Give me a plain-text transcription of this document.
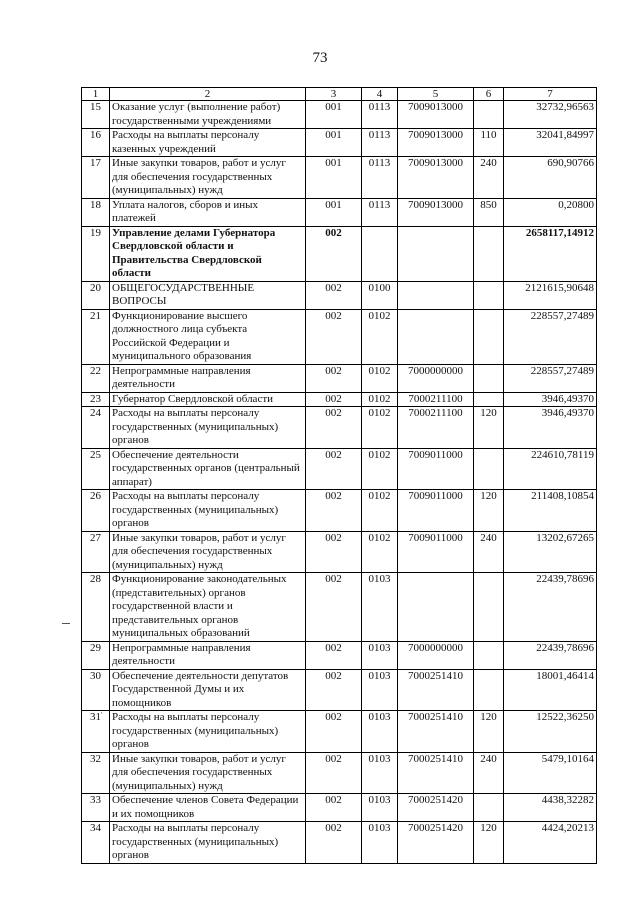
73
1	2	3	4	5	6	7
15	Оказание услуг (выполнение работ) государственными учреждениями	001	0113	7009013000		32732,96563
16	Расходы на выплаты персоналу казенных учреждений	001	0113	7009013000	110	32041,84997
17	Иные закупки товаров, работ и услуг для обеспечения государственных (муниципальных) нужд	001	0113	7009013000	240	690,90766
18	Уплата налогов, сборов и иных платежей	001	0113	7009013000	850	0,20800
19	Управление делами Губернатора Свердловской области и Правительства Свердловской области	002				2658117,14912
20	ОБЩЕГОСУДАРСТВЕННЫЕ ВОПРОСЫ	002	0100			2121615,90648
21	Функционирование высшего должностного лица субъекта Российской Федерации и муниципального образования	002	0102			228557,27489
22	Непрограммные направления деятельности	002	0102	7000000000		228557,27489
23	Губернатор Свердловской области	002	0102	7000211100		3946,49370
24	Расходы на выплаты персоналу государственных (муниципальных) органов	002	0102	7000211100	120	3946,49370
25	Обеспечение деятельности государственных органов (центральный аппарат)	002	0102	7009011000		224610,78119
26	Расходы на выплаты персоналу государственных (муниципальных) органов	002	0102	7009011000	120	211408,10854
27	Иные закупки товаров, работ и услуг для обеспечения государственных (муниципальных) нужд	002	0102	7009011000	240	13202,67265
28	Функционирование законодательных (представительных) органов государственной власти и представительных органов муниципальных образований	002	0103			22439,78696
29	Непрограммные направления деятельности	002	0103	7000000000		22439,78696
30	Обеспечение деятельности депутатов Государственной Думы и их помощников	002	0103	7000251410		18001,46414
31	Расходы на выплаты персоналу государственных (муниципальных) органов	002	0103	7000251410	120	12522,36250
32	Иные закупки товаров, работ и услуг для обеспечения государственных (муниципальных) нужд	002	0103	7000251410	240	5479,10164
33	Обеспечение членов Совета Федерации и их помощников	002	0103	7000251420		4438,32282
34	Расходы на выплаты персоналу государственных (муниципальных) органов	002	0103	7000251420	120	4424,20213
·
